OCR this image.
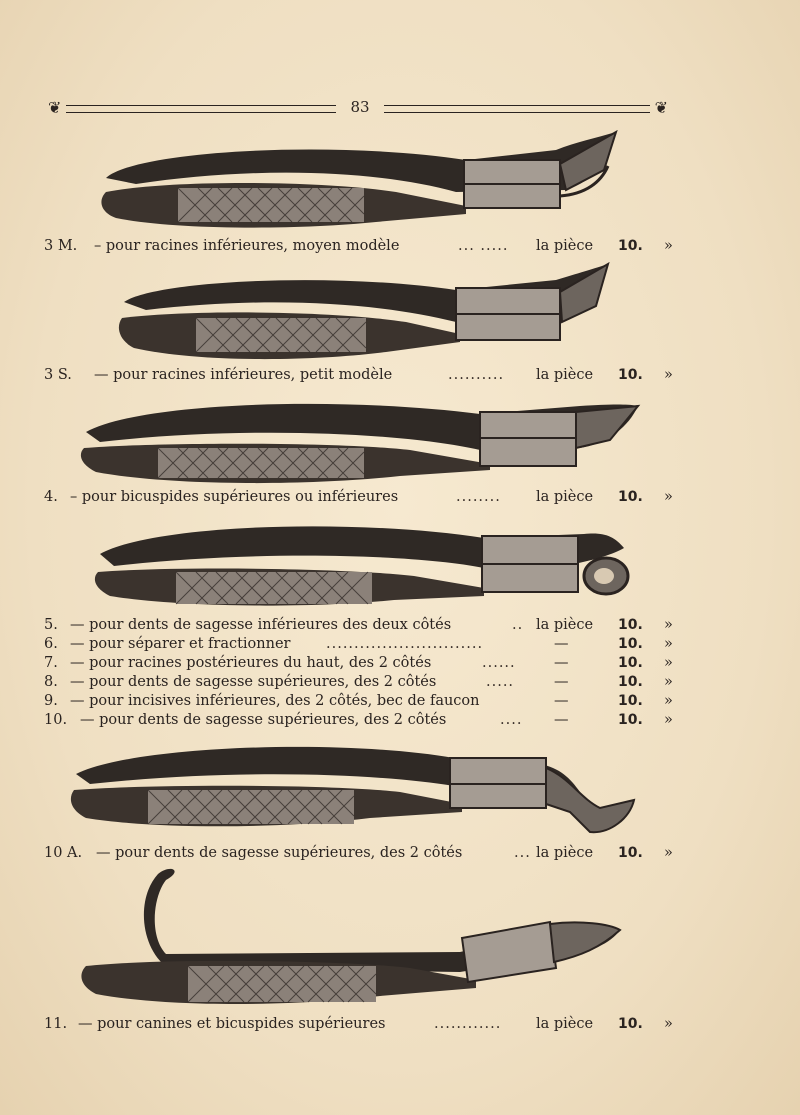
❦	83	❦
3 M. – pour racines inférieures, moyen modèle	... ..... la pièce 10. »
3 S. — pour racines inférieures, petit modèle	.......... la pièce 10. »
4. – pour bicuspides supérieures ou inférieures	........ la pièce 10. »
5. — pour dents de sagesse inférieures des deux côtés	.. la pièce 10. »
6. — pour séparer et fractionner ............................	—	10. »
7. — pour racines postérieures du haut, des 2 côtés	......	—	10. »
8. — pour dents de sagesse supérieures, des 2 côtés	.....	—	10. »
9. — pour incisives inférieures, des 2 côtés, bec de faucon	—	10. »
10. — pour dents de sagesse supérieures, des 2 côtés	.... —	10. »
10 A. — pour dents de sagesse supérieures, des 2 côtés	... la pièce 10. »
11. — pour canines et bicuspides supérieures	............ la pièce 10. »
